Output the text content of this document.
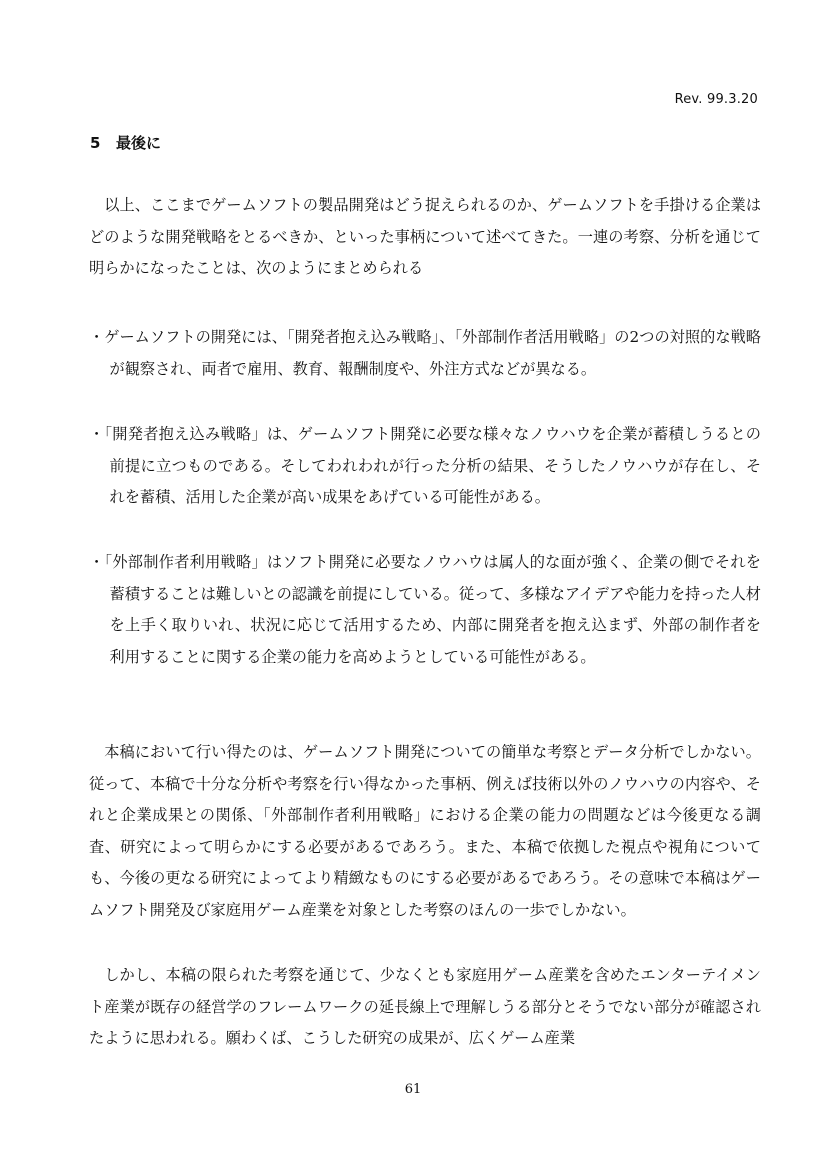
Rev. 99.3.20
5 最後に

以上、ここまでゲームソフトの製品開発はどう捉えられるのか、ゲームソフトを手掛ける企業はどのような開発戦略をとるべきか、といった事柄について述べてきた。一連の考察、分析を通じて明らかになったことは、次のようにまとめられる

・ゲームソフトの開発には、「開発者抱え込み戦略」、「外部制作者活用戦略」の2つの対照的な戦略が観察され、両者で雇用、教育、報酬制度や、外注方式などが異なる。

・「開発者抱え込み戦略」は、ゲームソフト開発に必要な様々なノウハウを企業が蓄積しうるとの前提に立つものである。そしてわれわれが行った分析の結果、そうしたノウハウが存在し、それを蓄積、活用した企業が高い成果をあげている可能性がある。

・「外部制作者利用戦略」はソフト開発に必要なノウハウは属人的な面が強く、企業の側でそれを蓄積することは難しいとの認識を前提にしている。従って、多様なアイデアや能力を持った人材を上手く取りいれ、状況に応じて活用するため、内部に開発者を抱え込まず、外部の制作者を利用することに関する企業の能力を高めようとしている可能性がある。

本稿において行い得たのは、ゲームソフト開発についての簡単な考察とデータ分析でしかない。従って、本稿で十分な分析や考察を行い得なかった事柄、例えば技術以外のノウハウの内容や、それと企業成果との関係、「外部制作者利用戦略」における企業の能力の問題などは今後更なる調査、研究によって明らかにする必要があるであろう。また、本稿で依拠した視点や視角についても、今後の更なる研究によってより精緻なものにする必要があるであろう。その意味で本稿はゲームソフト開発及び家庭用ゲーム産業を対象とした考察のほんの一歩でしかない。

しかし、本稿の限られた考察を通じて、少なくとも家庭用ゲーム産業を含めたエンターテイメント産業が既存の経営学のフレームワークの延長線上で理解しうる部分とそうでない部分が確認されたように思われる。願わくば、こうした研究の成果が、広くゲーム産業

61
